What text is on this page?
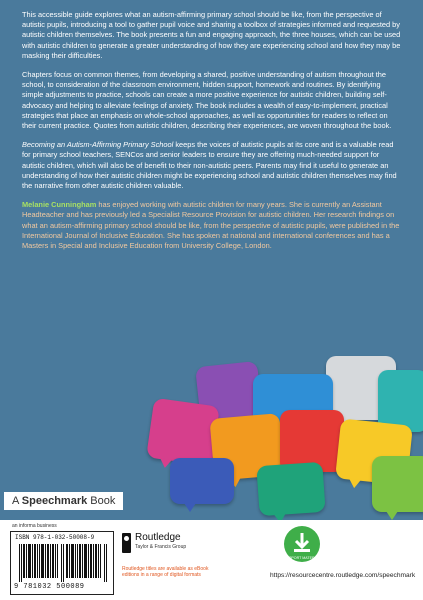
This accessible guide explores what an autism-affirming primary school should be like, from the perspective of autistic pupils, introducing a tool to gather pupil voice and sharing a toolbox of strategies informed and requested by autistic children themselves. The book presents a fun and engaging approach, the three houses, which can be used with autistic children to generate a greater understanding of how they are experiencing school and how they may be masking their difficulties.

Chapters focus on common themes, from developing a shared, positive understanding of autism throughout the school, to consideration of the classroom environment, hidden support, homework and routines. By identifying simple adjustments to practice, schools can create a more positive experience for autistic children, building self-advocacy and helping to alleviate feelings of anxiety. The book includes a wealth of easy-to-implement, practical strategies that place an emphasis on whole-school approaches, as well as opportunities for readers to reflect on their current practice. Quotes from autistic children, describing their experiences, are woven throughout the book.

Becoming an Autism-Affirming Primary School keeps the voices of autistic pupils at its core and is a valuable read for primary school teachers, SENCos and senior leaders to ensure they are offering much-needed support for autistic children, which will also be of benefit to their non-autistic peers. Parents may find it useful to generate an understanding of how their autistic children might be experiencing school and autistic children themselves may find the narrative from other autistic children valuable.

Melanie Cunningham has enjoyed working with autistic children for many years. She is currently an Assistant Headteacher and has previously led a Specialist Resource Provision for autistic children. Her research findings on what an autism-affirming primary school should be like, from the perspective of autistic pupils, were published in the International Journal of Inclusive Education. She has spoken at national and international conferences and has a Masters in Special and Inclusive Education from University College, London.

A Speechmark Book
an informa business
ISBN 978-1-032-50008-9
9 781032 500089
Routledge
Taylor & Francis Group
Routledge titles are available as eBook editions in a range of digital formats
SUPPORT MATERIAL
https://resourcecentre.routledge.com/speechmark
